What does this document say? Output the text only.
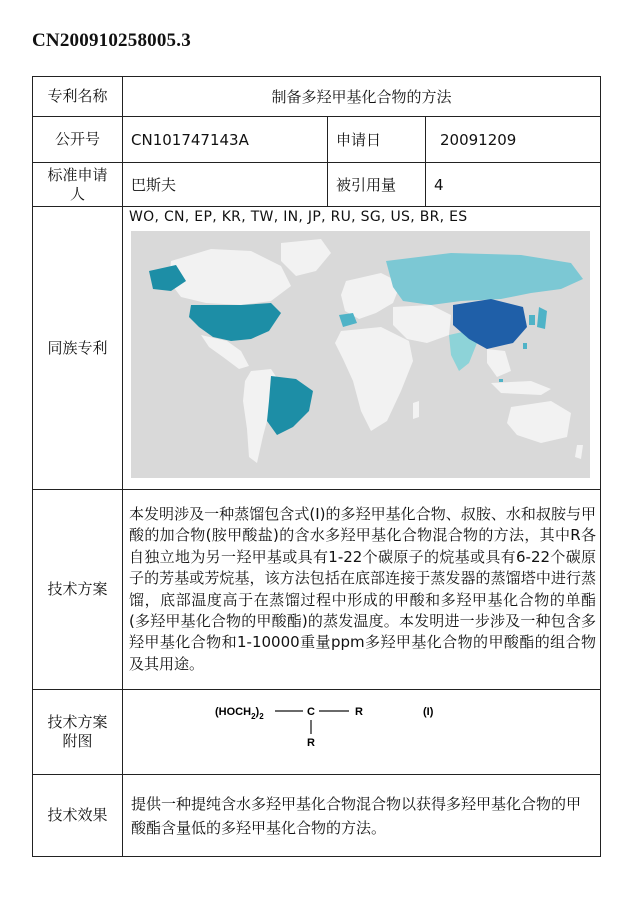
CN200910258005.3
专利名称	制备多羟甲基化合物的方法		
公开号	CN101747143A	申请日	20091209
标准申请
人	巴斯夫	被引用量	4
同族专利	WO, CN, EP, KR, TW, IN, JP, RU, SG, US, BR, ES		

技术方案	本发明涉及一种蒸馏包含式(I)的多羟甲基化合物、叔胺、水和叔胺与甲酸的加合物(胺甲酸盐)的含水多羟甲基化合物混合物的方法，其中R各自独立地为另一羟甲基或具有1-22个碳原子的烷基或具有6-22个碳原子的芳基或芳烷基，该方法包括在底部连接于蒸发器的蒸馏塔中进行蒸馏，底部温度高于在蒸馏过程中形成的甲酸和多羟甲基化合物的单酯(多羟甲基化合物的甲酸酯)的蒸发温度。本发明进一步涉及一种包含多羟甲基化合物和1-10000重量ppm多羟甲基化合物的甲酸酯的组合物及其用途。		
技术方案
附图	$(HOCH_2)_2$ C R
R
(I)		

技术效果	提供一种提纯含水多羟甲基化合物混合物以获得多羟甲基化合物的甲酸酯含量低的多羟甲基化合物的方法。		
